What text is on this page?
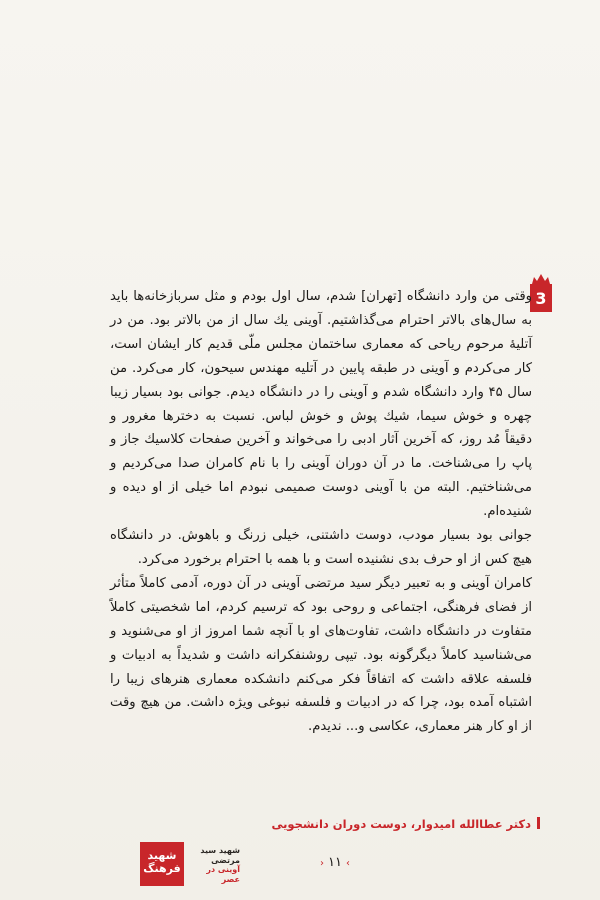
3

وقتی من وارد دانشگاه [تهران] شدم، سال اول بودم و مثل سربازخانه‌ها باید به سال‌های بالاتر احترام می‌گذاشتیم. آوینی یك سال از من بالاتر بود. من در آتلیهٔ مرحوم ریاحی که معماری ساختمان مجلس ملّی قدیم کار ایشان است، کار می‌کردم و آوینی در طبقه پایین در آتلیه مهندس سیحون، کار می‌کرد. من سال ۴۵ وارد دانشگاه شدم و آوینی را در دانشگاه دیدم. جوانی بود بسیار زیبا چهره و خوش سیما، شیك پوش و خوش لباس. نسبت به دخترها مغرور و دقیقاً مُد روز، که آخرین آثار ادبی را می‌خواند و آخرین صفحات کلاسیك جاز و پاپ را می‌شناخت. ما در آن دوران آوینی را با نام کامران صدا می‌کردیم و می‌شناختیم. البته من با آوینی دوست صمیمی نبودم اما خیلی از او دیده و شنیده‌ام.

جوانی بود بسیار مودب، دوست داشتنی، خیلی زرنگ و باهوش. در دانشگاه هیچ کس از او حرف بدی نشنیده است و با همه با احترام برخورد می‌کرد.

کامران آوینی و به تعبیر دیگر سید مرتضی آوینی در آن دوره، آدمی کاملاً متأثر از فضای فرهنگی، اجتماعی و روحی بود که ترسیم کردم، اما شخصیتی کاملاً متفاوت در دانشگاه داشت، تفاوت‌های او با آنچه شما امروز از او می‌شنوید و می‌شناسید کاملاً دیگرگونه بود. تیپی روشنفکرانه داشت و شدیداً به ادبیات و فلسفه علاقه داشت که اتفاقاً فکر می‌کنم دانشکده معماری هنرهای زیبا را اشتباه آمده بود، چرا که در ادبیات و فلسفه نبوغی ویژه داشت. من هیچ وقت از او کار هنر معماری، عکاسی و... ندیدم.

دکتر عطاالله امیدوار، دوست دوران دانشجویی
شهید
فرهنگ
شهید سید
مرتضی
آوینی در
عصر
› ۱۱ ‹
